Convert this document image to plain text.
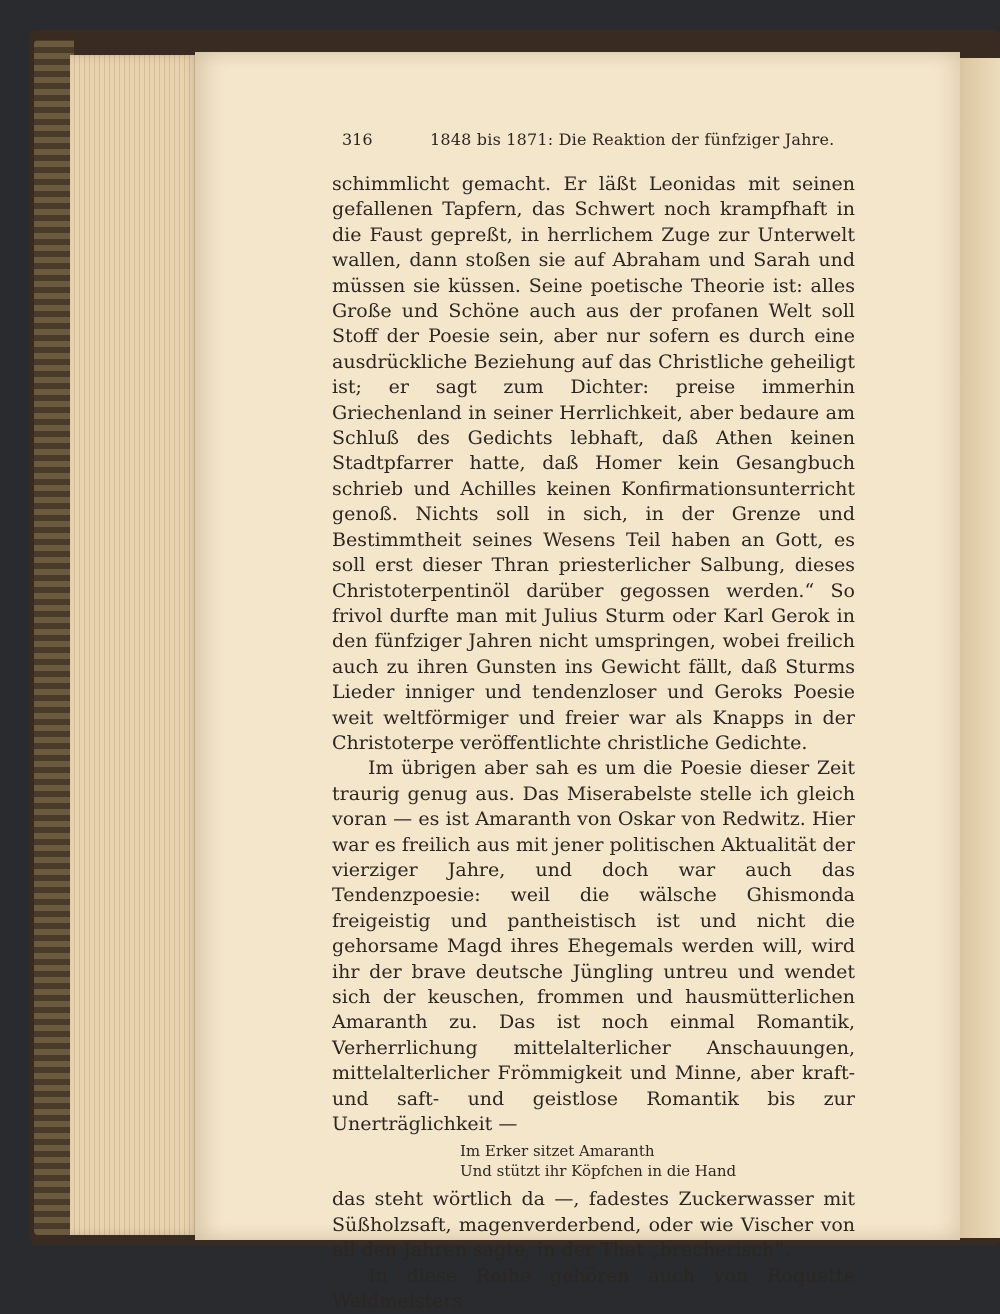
316	1848 bis 1871: Die Reaktion der fünfziger Jahre.

schimmlicht gemacht. Er läßt Leonidas mit seinen gefallenen Tapfern, das Schwert noch krampfhaft in die Faust gepreßt, in herrlichem Zuge zur Unterwelt wallen, dann stoßen sie auf Abraham und Sarah und müssen sie küssen. Seine poetische Theorie ist: alles Große und Schöne auch aus der profanen Welt soll Stoff der Poesie sein, aber nur sofern es durch eine ausdrückliche Beziehung auf das Christliche geheiligt ist; er sagt zum Dichter: preise immerhin Griechenland in seiner Herrlichkeit, aber bedaure am Schluß des Gedichts lebhaft, daß Athen keinen Stadtpfarrer hatte, daß Homer kein Gesangbuch schrieb und Achilles keinen Konfirmationsunterricht genoß. Nichts soll in sich, in der Grenze und Bestimmtheit seines Wesens Teil haben an Gott, es soll erst dieser Thran priesterlicher Salbung, dieses Christoterpentinöl darüber gegossen werden.“ So frivol durfte man mit Julius Sturm oder Karl Gerok in den fünfziger Jahren nicht umspringen, wobei freilich auch zu ihren Gunsten ins Gewicht fällt, daß Sturms Lieder inniger und tendenzloser und Geroks Poesie weit weltförmiger und freier war als Knapps in der Christoterpe veröffentlichte christliche Gedichte.

Im übrigen aber sah es um die Poesie dieser Zeit traurig genug aus. Das Miserabelste stelle ich gleich voran — es ist Amaranth von Oskar von Redwitz. Hier war es freilich aus mit jener politischen Aktualität der vierziger Jahre, und doch war auch das Tendenzpoesie: weil die wälsche Ghismonda freigeistig und pantheistisch ist und nicht die gehorsame Magd ihres Ehegemals werden will, wird ihr der brave deutsche Jüngling untreu und wendet sich der keuschen, frommen und hausmütterlichen Amaranth zu. Das ist noch einmal Romantik, Verherrlichung mittelalterlicher Anschauungen, mittelalterlicher Frömmigkeit und Minne, aber kraft- und saft- und geistlose Romantik bis zur Unerträglichkeit —

Im Erker sitzet Amaranth
Und stützt ihr Köpfchen in die Hand

das steht wörtlich da —, fadestes Zuckerwasser mit Süßholzsaft, magenverderbend, oder wie Vischer von all den Jahren sagte, in der That „brecherisch“.

In diese Reihe gehören auch von Roquette Waldmeisters
